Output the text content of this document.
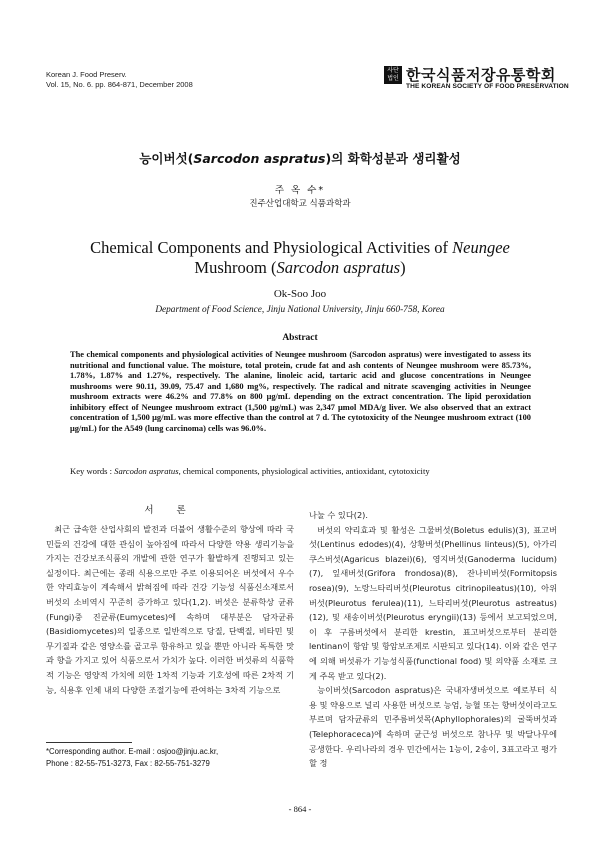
Korean J. Food Preserv.
Vol. 15, No. 6. pp. 864-871, December 2008
사단 법인 한국식품저장유통학회
THE KOREAN SOCIETY OF FOOD PRESERVATION
능이버섯(Sarcodon aspratus)의 화학성분과 생리활성
주 옥 수*
진주산업대학교 식품과학과
Chemical Components and Physiological Activities of Neungee
Mushroom (Sarcodon aspratus)
Ok-Soo Joo
Department of Food Science, Jinju National University, Jinju 660-758, Korea
Abstract
The chemical components and physiological activities of Neungee mushroom (Sarcodon aspratus) were investigated to assess its nutritional and functional value. The moisture, total protein, crude fat and ash contents of Neungee mushroom were 85.73%, 1.78%, 1.87% and 1.27%, respectively. The alanine, linoleic acid, tartaric acid and glucose concentrations in Neungee mushrooms were 90.11, 39.09, 75.47 and 1,680 mg%, respectively. The radical and nitrate scavenging activities in Neungee mushroom extracts were 46.2% and 77.8% on 800 μg/mL depending on the extract concentration. The lipid peroxidation inhibitory effect of Neungee mushroom extract (1,500 μg/mL) was 2,347 μmol MDA/g liver. We also observed that an extract concentration of 1,500 μg/mL was more effective than the control at 7 d. The cytotoxicity of the Neungee mushroom extract (100 μg/mL) for the A549 (lung carcinoma) cells was 96.0%.
Key words : Sarcodon aspratus, chemical components, physiological activities, antioxidant, cytotoxicity
서 론

최근 급속한 산업사회의 발전과 더불어 생활수준의 향상에 따라 국민들의 건강에 대한 관심이 높아짐에 따라서 다양한 약용 생리기능을 가지는 건강보조식품의 개발에 관한 연구가 활발하게 진행되고 있는 실정이다. 최근에는 종래 식용으로만 주로 이용되어온 버섯에서 우수한 약리효능이 계속해서 밝혀짐에 따라 건강 기능성 식품신소재로서 버섯의 소비역시 꾸준히 증가하고 있다(1,2). 버섯은 분류학상 균류(Fungi)중 진균류(Eumycetes)에 속하며 대부분은 담자균류(Basidiomycetes)의 일종으로 일반적으로 당질, 단백질, 비타민 및 무기질과 같은 영양소를 골고루 함유하고 있을 뿐만 아니라 독특한 맛과 향을 가지고 있어 식품으로서 가치가 높다. 이러한 버섯류의 식품학적 기능은 영양적 가치에 의한 1차적 기능과 기호성에 따른 2차적 기능, 식용후 인체 내의 다양한 조절기능에 관여하는 3차적 기능으로

나눌 수 있다(2).

버섯의 약리효과 및 활성은 그물버섯(Boletus edulis)(3), 표고버섯(Lentinus edodes)(4), 상황버섯(Phellinus linteus)(5), 아가리쿠스버섯(Agaricus blazei)(6), 영지버섯(Ganoderma lucidum)(7), 잎새버섯(Grifora frondosa)(8), 잔나비버섯(Formitopsis rosea)(9), 노랑느타리버섯(Pleurotus citrinopileatus)(10), 아위버섯(Pleurotus ferulea)(11), 느타리버섯(Pleurotus astreatus)(12), 및 새송이버섯(Pleurotus eryngii)(13) 등에서 보고되었으며, 이 후 구름버섯에서 분리한 krestin, 표고버섯으로부터 분리한 lentinan이 항암 및 항암보조제로 시판되고 있다(14). 이와 같은 연구에 의해 버섯류가 기능성식품(functional food) 및 의약품 소재로 크게 주목 받고 있다(2).

능이버섯(Sarcodon aspratus)은 국내자생버섯으로 예로부터 식용 및 약용으로 널리 사용한 버섯으로 능엄, 능혈 또는 향버섯이라고도 부르며 담자균류의 민주름버섯목(Aphyllophorales)의 굴뚝버섯과(Telephoraceca)에 속하며 균근성 버섯으로 참나무 및 박달나무에 공생한다. 우리나라의 경우 민간에서는 1능이, 2송이, 3표고라고 평가할 정

*Corresponding author. E-mail : osjoo@jinju.ac.kr,
Phone : 82-55-751-3273, Fax : 82-55-751-3279
- 864 -
